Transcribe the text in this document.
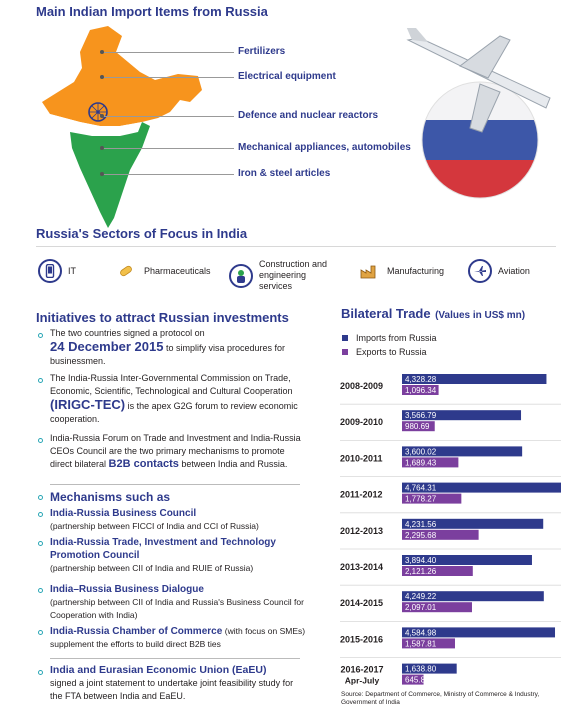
Main Indian Import Items from Russia
Fertilizers
Electrical equipment
Defence and nuclear reactors
Mechanical appliances, automobiles
Iron & steel articles
Russia's Sectors of Focus in India
IT	Pharmaceuticals
Construction and engineering services
Manufacturing	Aviation
Initiatives to attract Russian investments
The two countries signed a protocol on
24 December 2015 to simplify visa procedures for businessmen.
The India-Russia Inter-Governmental Commission on Trade, Economic, Scientific, Technological and Cultural Cooperation (IRIGC-TEC) is the apex G2G forum to review economic cooperation.
India-Russia Forum on Trade and Investment and India-Russia CEOs Council are the two primary mechanisms to promote direct bilateral B2B contacts between India and Russia.
Mechanisms such as
India-Russia Business Council
(partnership between FICCI of India and CCI of Russia)
India-Russia Trade, Investment and Technology Promotion Council
(partnership between CII of India and RUIE of Russia)
India–Russia Business Dialogue
(partnership between CII of India and Russia's Business Council for Cooperation with India)
India-Russia Chamber of Commerce (with focus on SMEs) supplement the efforts to build direct B2B ties
India and Eurasian Economic Union (EaEU)
signed a joint statement to undertake joint feasibility study for the FTA between India and EaEU.
Bilateral Trade (Values in US$ mn)
Imports from Russia
Exports to Russia
2008-2009
4,328.28
1,096.34
2009-2010
3,566.79
980.69
2010-2011
3,600.02
1,689.43
2011-2012
4,764.31
1,778.27
2012-2013
4,231.56
2,295.68
2013-2014
3,894.40
2,121.26
2014-2015
4,249.22
2,097.01
2015-2016
4,584.98
1,587.81
2016-2017
Apr-July
1,638.80
645.81
Source: Department of Commerce, Ministry of Commerce & Industry, Government of India
